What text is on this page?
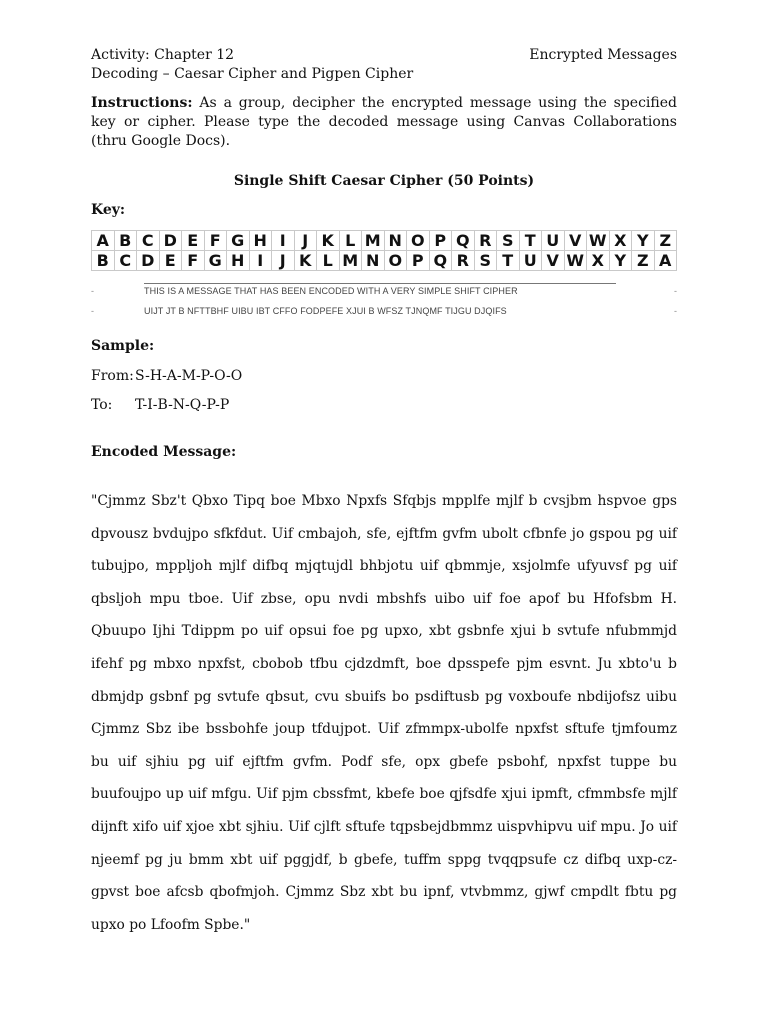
Activity: Chapter 12	Encrypted Messages
Decoding – Caesar Cipher and Pigpen Cipher
Instructions: As a group, decipher the encrypted message using the specified key or cipher. Please type the decoded message using Canvas Collaborations (thru Google Docs).
Single Shift Caesar Cipher (50 Points)
Key:
A	B	C	D	E	F	G	H	I	J	K	L	M	N	O	P	Q	R	S	T	U	V	W	X	Y	Z
B	C	D	E	F	G	H	I	J	K	L	M	N	O	P	Q	R	S	T	U	V	W	X	Y	Z	A
-	THIS IS A MESSAGE THAT HAS BEEN ENCODED WITH A VERY SIMPLE SHIFT CIPHER	-
-	UIJT JT B NFTTBHF UIBU IBT CFFO FODPEFE XJUI B WFSZ TJNQMF TIJGU DJQIFS	-
Sample:
From: S-H-A-M-P-O-O
To: T-I-B-N-Q-P-P
Encoded Message:
"Cjmmz Sbz't Qbxo Tipq boe Mbxo Npxfs Sfqbjs mpplfe mjlf b cvsjbm hspvoe gps dpvousz bvdujpo sfkfdut. Uif cmbajoh, sfe, ejftfm gvfm ubolt cfbnfe jo gspou pg uif tubujpo, mppljoh mjlf difbq mjqtujdl bhbjotu uif qbmmje, xsjolmfe ufyuvsf pg uif qbsljoh mpu tboe. Uif zbse, opu nvdi mbshfs uibo uif foe apof bu Hfofsbm H. Qbuupo Ijhi Tdippm po uif opsui foe pg upxo, xbt gsbnfe xjui b svtufe nfubmmjd ifehf pg mbxo npxfst, cbobob tfbu cjdzdmft, boe dpsspefe pjm esvnt. Ju xbto'u b dbmjdp gsbnf pg svtufe qbsut, cvu sbuifs bo psdiftusb pg voxboufe nbdijofsz uibu Cjmmz Sbz ibe bssbohfe joup tfdujpot. Uif zfmmpx-ubolfe npxfst sftufe tjmfoumz bu uif sjhiu pg uif ejftfm gvfm. Podf sfe, opx gbefe psbohf, npxfst tuppe bu buufoujpo up uif mfgu. Uif pjm cbssfmt, kbefe boe qjfsdfe xjui ipmft, cfmmbsfe mjlf dijnft xifo uif xjoe xbt sjhiu. Uif cjlft sftufe tqpsbejdbmmz uispvhipvu uif mpu. Jo uif njeemf pg ju bmm xbt uif pggjdf, b gbefe, tuffm sppg tvqqpsufe cz difbq uxp-cz-gpvst boe afcsb qbofmjoh. Cjmmz Sbz xbt bu ipnf, vtvbmmz, gjwf cmpdlt fbtu pg upxo po Lfoofm Spbe."
